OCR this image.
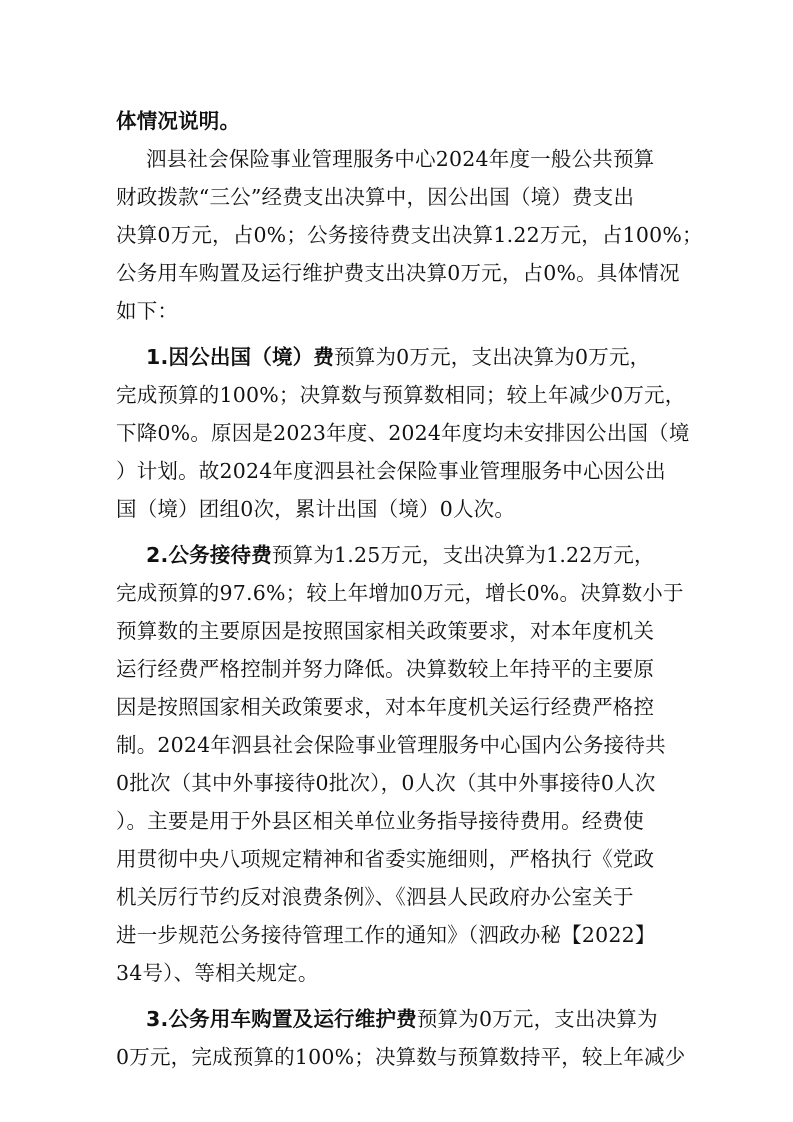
体情况说明。
泗县社会保险事业管理服务中心2024年度一般公共预算
财政拨款“三公”经费支出决算中，因公出国（境）费支出
决算0万元，占0%；公务接待费支出决算1.22万元，占100%；
公务用车购置及运行维护费支出决算0万元，占0%。具体情况
如下：
1.因公出国（境）费预算为0万元，支出决算为0万元，
完成预算的100%；决算数与预算数相同；较上年减少0万元，
下降0%。原因是2023年度、2024年度均未安排因公出国（境
）计划。故2024年度泗县社会保险事业管理服务中心因公出
国（境）团组0次，累计出国（境）0人次。
2.公务接待费预算为1.25万元，支出决算为1.22万元，
完成预算的97.6%；较上年增加0万元，增长0%。决算数小于
预算数的主要原因是按照国家相关政策要求，对本年度机关
运行经费严格控制并努力降低。决算数较上年持平的主要原
因是按照国家相关政策要求，对本年度机关运行经费严格控
制。2024年泗县社会保险事业管理服务中心国内公务接待共
0批次（其中外事接待0批次），0人次（其中外事接待0人次
）。主要是用于外县区相关单位业务指导接待费用。经费使
用贯彻中央八项规定精神和省委实施细则，严格执行《党政
机关厉行节约反对浪费条例》、《泗县人民政府办公室关于
进一步规范公务接待管理工作的通知》（泗政办秘【2022】
34号）、等相关规定。
3.公务用车购置及运行维护费预算为0万元，支出决算为
0万元，完成预算的100%；决算数与预算数持平，较上年减少
